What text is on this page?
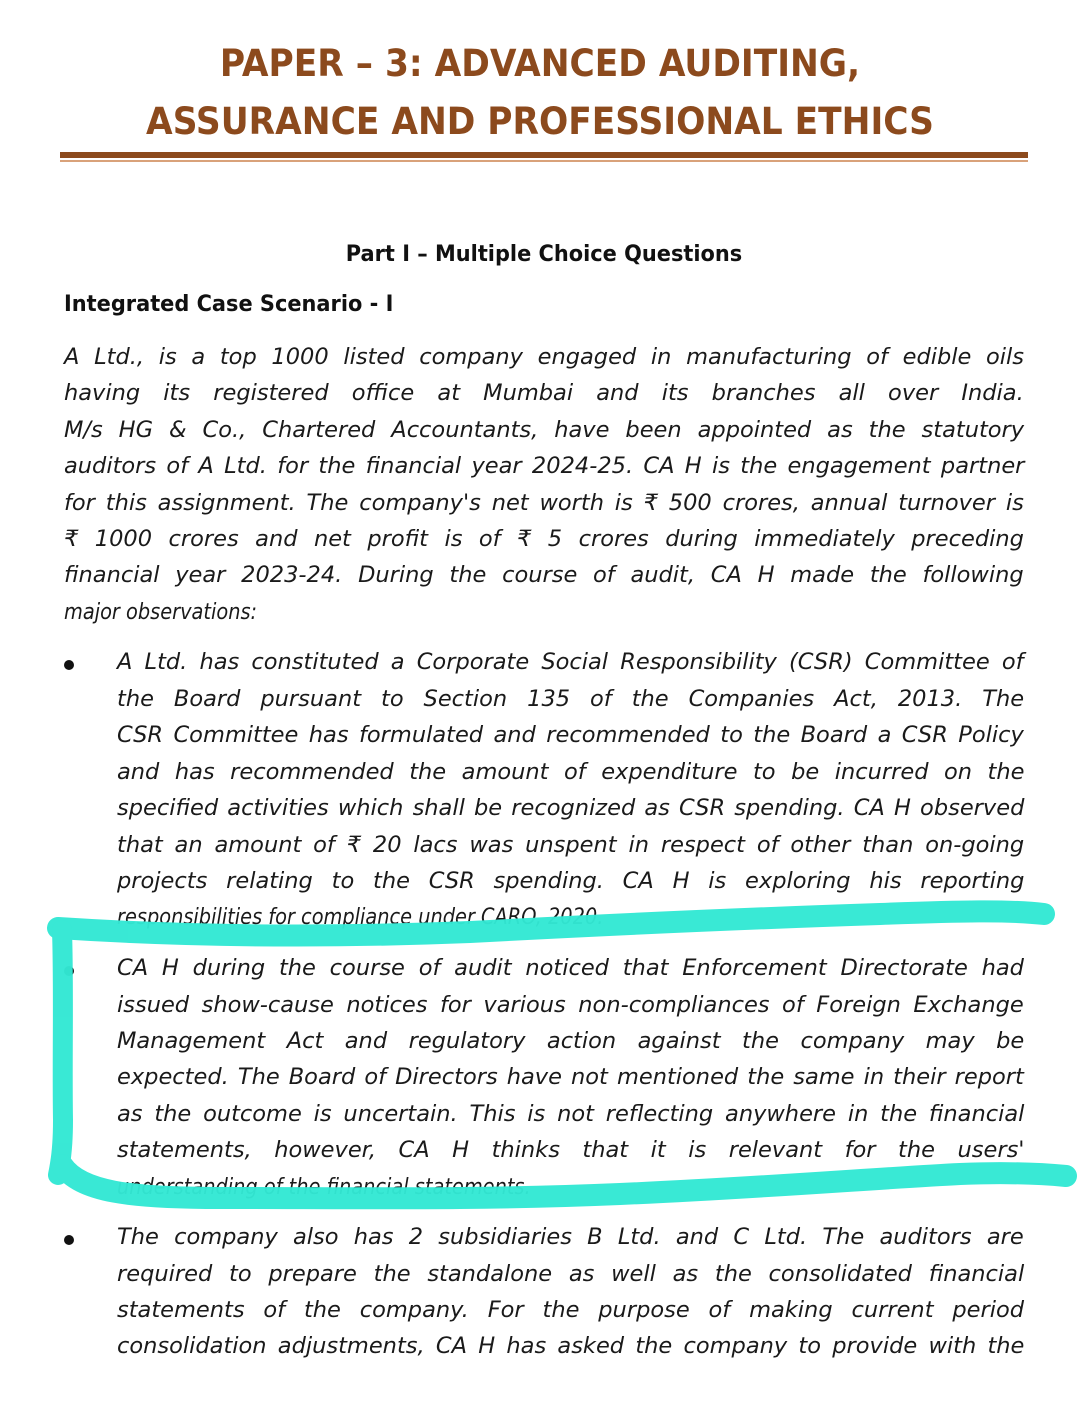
PAPER – 3: ADVANCED AUDITING,
ASSURANCE AND PROFESSIONAL ETHICS
Part I – Multiple Choice Questions
Integrated Case Scenario - I
A Ltd., is a top 1000 listed company engaged in manufacturing of edible oils
having its registered office at Mumbai and its branches all over India.
M/s HG & Co., Chartered Accountants, have been appointed as the statutory
auditors of A Ltd. for the financial year 2024-25. CA H is the engagement partner
for this assignment. The company's net worth is ₹ 500 crores, annual turnover is
₹ 1000 crores and net profit is of ₹ 5 crores during immediately preceding
financial year 2023-24. During the course of audit, CA H made the following
major observations:
A Ltd. has constituted a Corporate Social Responsibility (CSR) Committee of
the Board pursuant to Section 135 of the Companies Act, 2013. The
CSR Committee has formulated and recommended to the Board a CSR Policy
and has recommended the amount of expenditure to be incurred on the
specified activities which shall be recognized as CSR spending. CA H observed
that an amount of ₹ 20 lacs was unspent in respect of other than on-going
projects relating to the CSR spending. CA H is exploring his reporting
responsibilities for compliance under CARO, 2020.
CA H during the course of audit noticed that Enforcement Directorate had
issued show-cause notices for various non-compliances of Foreign Exchange
Management Act and regulatory action against the company may be
expected. The Board of Directors have not mentioned the same in their report
as the outcome is uncertain. This is not reflecting anywhere in the financial
statements, however, CA H thinks that it is relevant for the users'
understanding of the financial statements.
The company also has 2 subsidiaries B Ltd. and C Ltd. The auditors are
required to prepare the standalone as well as the consolidated financial
statements of the company. For the purpose of making current period
consolidation adjustments, CA H has asked the company to provide with the
